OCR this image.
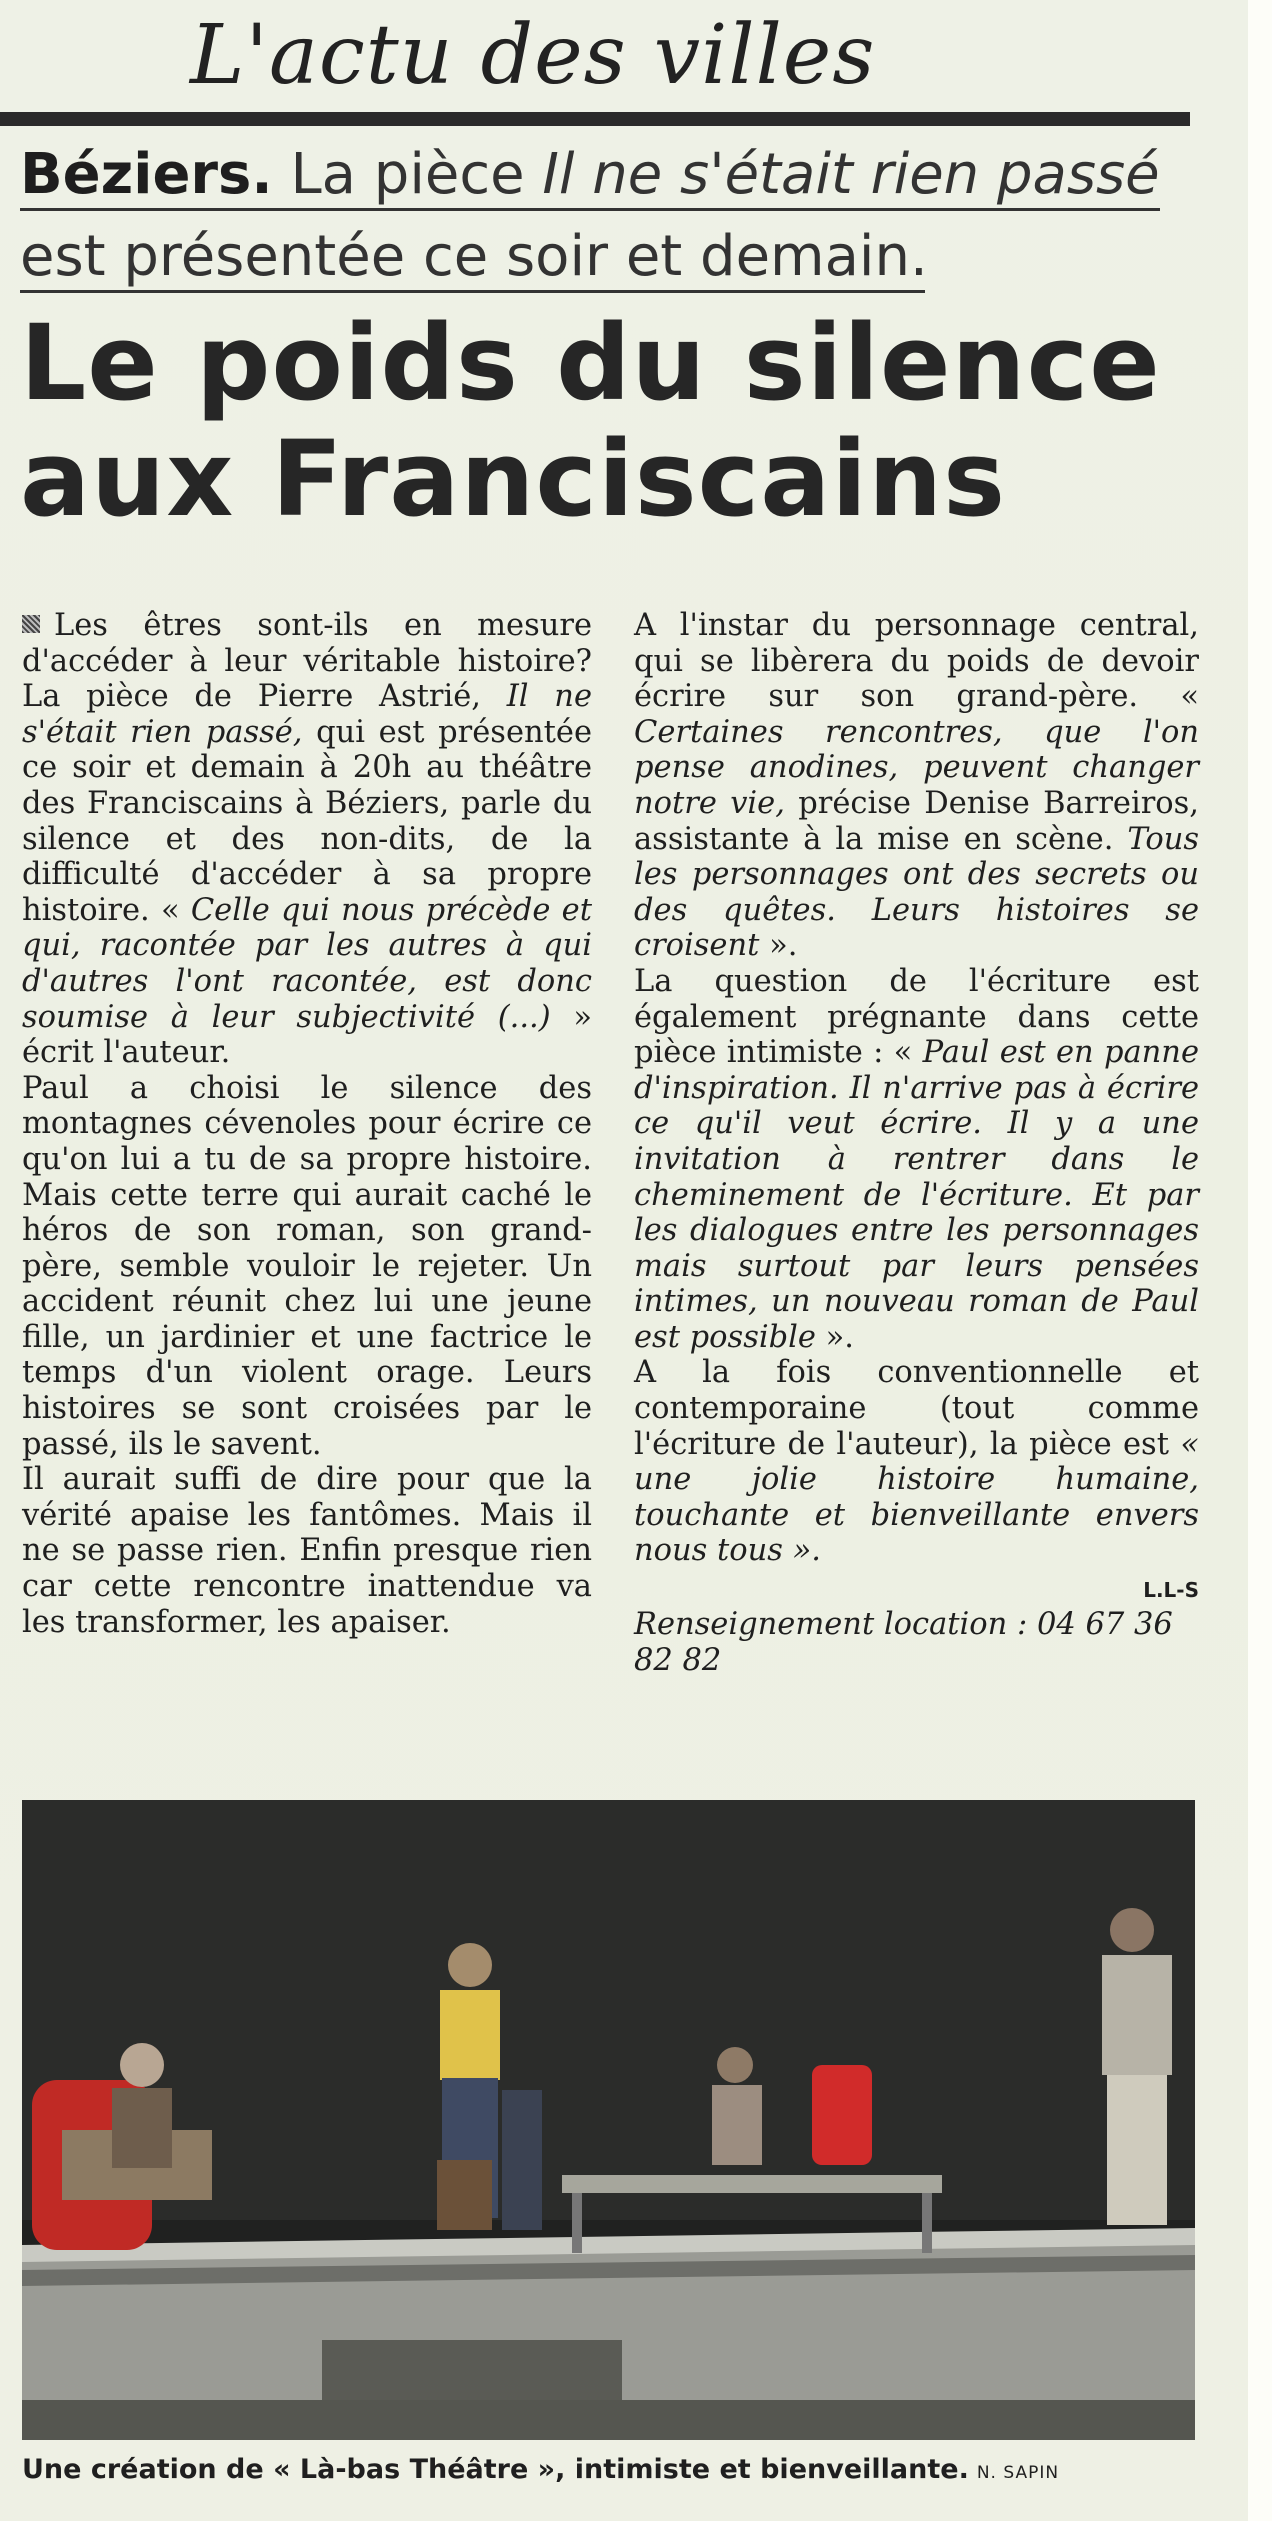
L'actu des villes
Béziers. La pièce Il ne s'était rien passé
est présentée ce soir et demain.
Le poids du silence
aux Franciscains

Les êtres sont-ils en mesure d'accéder à leur véritable histoire? La pièce de Pierre Astrié, Il ne s'était rien passé, qui est présentée ce soir et demain à 20h au théâtre des Franciscains à Béziers, parle du silence et des non-dits, de la difficulté d'accéder à sa propre histoire. « Celle qui nous précède et qui, racontée par les autres à qui d'autres l'ont racontée, est donc soumise à leur subjectivité (...) » écrit l'auteur.

Paul a choisi le silence des montagnes cévenoles pour écrire ce qu'on lui a tu de sa propre histoire. Mais cette terre qui aurait caché le héros de son roman, son grand-père, semble vouloir le rejeter. Un accident réunit chez lui une jeune fille, un jardinier et une factrice le temps d'un violent orage. Leurs histoires se sont croisées par le passé, ils le savent.

Il aurait suffi de dire pour que la vérité apaise les fantômes. Mais il ne se passe rien. Enfin presque rien car cette rencontre inattendue va les transformer, les apaiser.

A l'instar du personnage central, qui se libèrera du poids de devoir écrire sur son grand-père. « Certaines rencontres, que l'on pense anodines, peuvent changer notre vie, précise Denise Barreiros, assistante à la mise en scène. Tous les personnages ont des secrets ou des quêtes. Leurs histoires se croisent ».

La question de l'écriture est également prégnante dans cette pièce intimiste : « Paul est en panne d'inspiration. Il n'arrive pas à écrire ce qu'il veut écrire. Il y a une invitation à rentrer dans le cheminement de l'écriture. Et par les dialogues entre les personnages mais surtout par leurs pensées intimes, un nouveau roman de Paul est possible ».

A la fois conventionnelle et contemporaine (tout comme l'écriture de l'auteur), la pièce est « une jolie histoire humaine, touchante et bienveillante envers nous tous ».

L.L-S

Renseignement location : 04 67 36 82 82

Une création de « Là-bas Théâtre », intimiste et bienveillante. N. SAPIN
